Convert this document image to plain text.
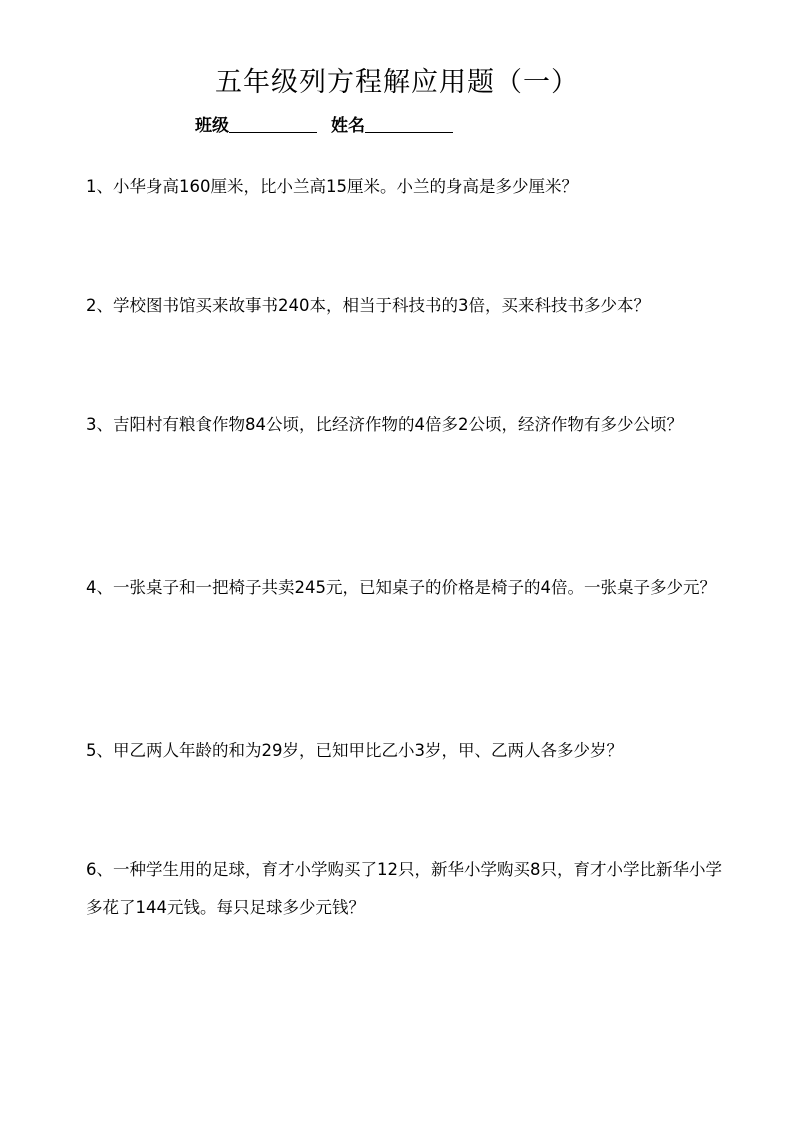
五年级列方程解应用题（一）
班级	姓名
1、小华身高160厘米，比小兰高15厘米。小兰的身高是多少厘米？
2、学校图书馆买来故事书240本，相当于科技书的3倍，买来科技书多少本？
3、吉阳村有粮食作物84公顷，比经济作物的4倍多2公顷，经济作物有多少公顷？
4、一张桌子和一把椅子共卖245元，已知桌子的价格是椅子的4倍。一张桌子多少元？
5、甲乙两人年龄的和为29岁，已知甲比乙小3岁，甲、乙两人各多少岁？
6、一种学生用的足球，育才小学购买了12只，新华小学购买8只，育才小学比新华小学多花了144元钱。每只足球多少元钱？
